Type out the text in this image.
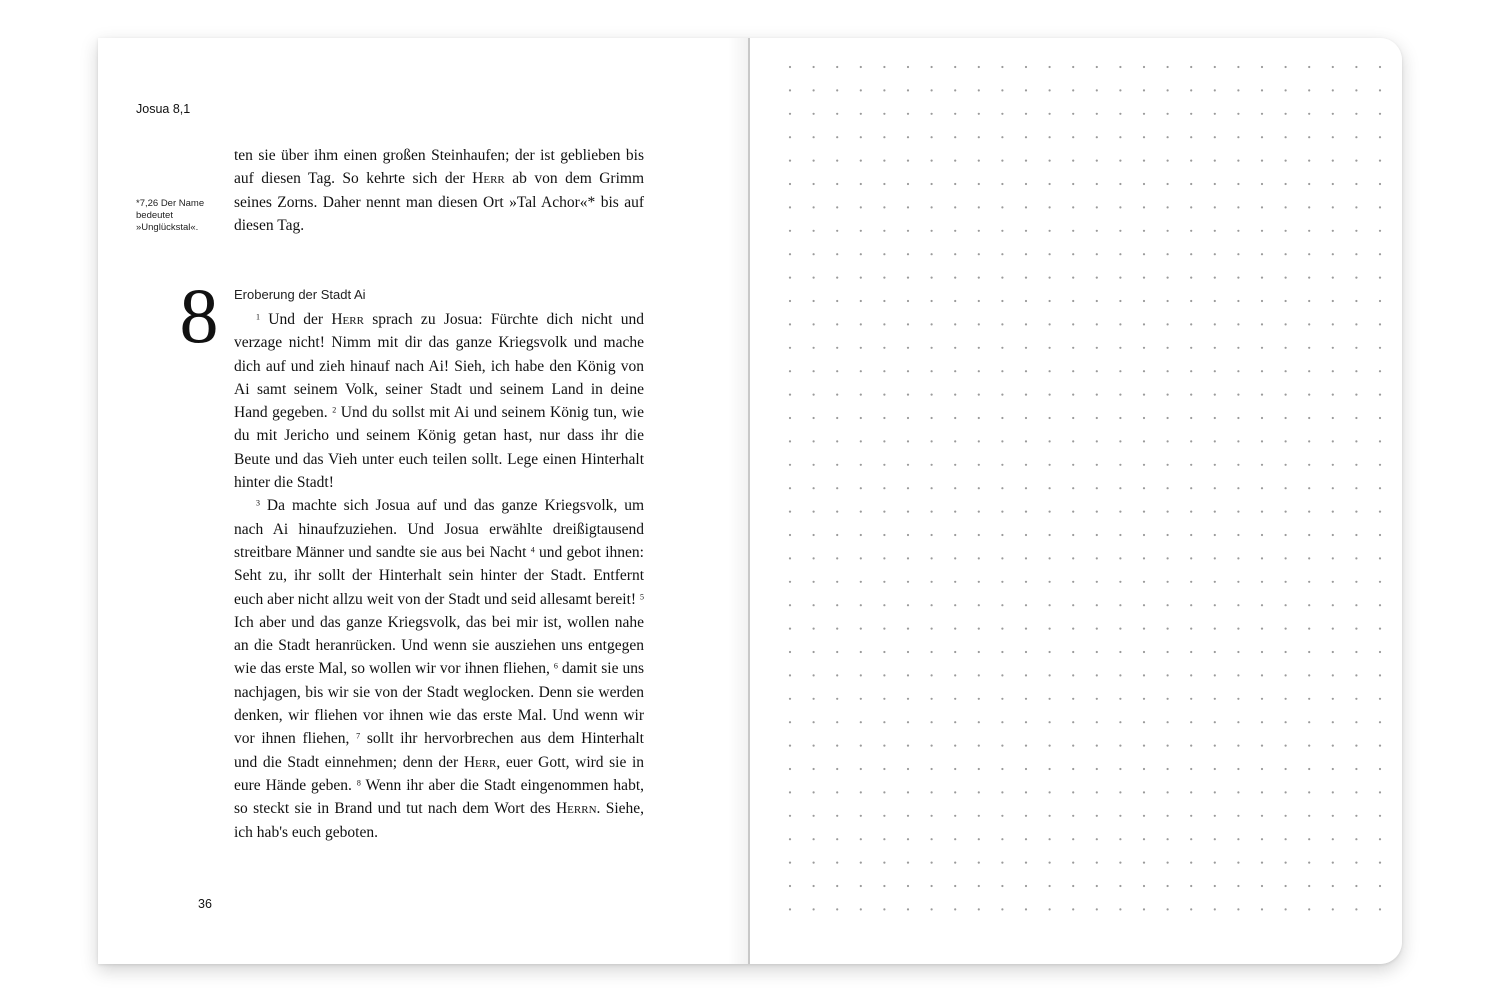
Josua 8,1
*7,26 Der Name bedeutet »Unglückstal«.

ten sie über ihm einen großen Steinhaufen; der ist geblieben bis auf diesen Tag. So kehrte sich der Herr ab von dem Grimm seines Zorns. Daher nennt man diesen Ort »Tal Achor«* bis auf diesen Tag.

8 Eroberung der Stadt Ai

$^1$ Und der Herr sprach zu Josua: Fürchte dich nicht und verzage nicht! Nimm mit dir das ganze Kriegsvolk und mache dich auf und zieh hinauf nach Ai! Sieh, ich habe den König von Ai samt seinem Volk, seiner Stadt und seinem Land in deine Hand gegeben. $^2$ Und du sollst mit Ai und seinem König tun, wie du mit Jericho und seinem König getan hast, nur dass ihr die Beute und das Vieh unter euch teilen sollt. Lege einen Hinterhalt hinter die Stadt!

$^3$ Da machte sich Josua auf und das ganze Kriegsvolk, um nach Ai hinaufzuziehen. Und Josua erwählte dreißigtausend streitbare Männer und sandte sie aus bei Nacht $^4$ und gebot ihnen: Seht zu, ihr sollt der Hinterhalt sein hinter der Stadt. Entfernt euch aber nicht allzu weit von der Stadt und seid allesamt bereit! $^5$ Ich aber und das ganze Kriegsvolk, das bei mir ist, wollen nahe an die Stadt heranrücken. Und wenn sie ausziehen uns entgegen wie das erste Mal, so wollen wir vor ihnen fliehen, $^6$ damit sie uns nachjagen, bis wir sie von der Stadt weglocken. Denn sie werden denken, wir fliehen vor ihnen wie das erste Mal. Und wenn wir vor ihnen fliehen, $^7$ sollt ihr hervorbrechen aus dem Hinterhalt und die Stadt einnehmen; denn der Herr, euer Gott, wird sie in eure Hände geben. $^8$ Wenn ihr aber die Stadt eingenommen habt, so steckt sie in Brand und tut nach dem Wort des Herrn. Siehe, ich hab's euch geboten.

36
